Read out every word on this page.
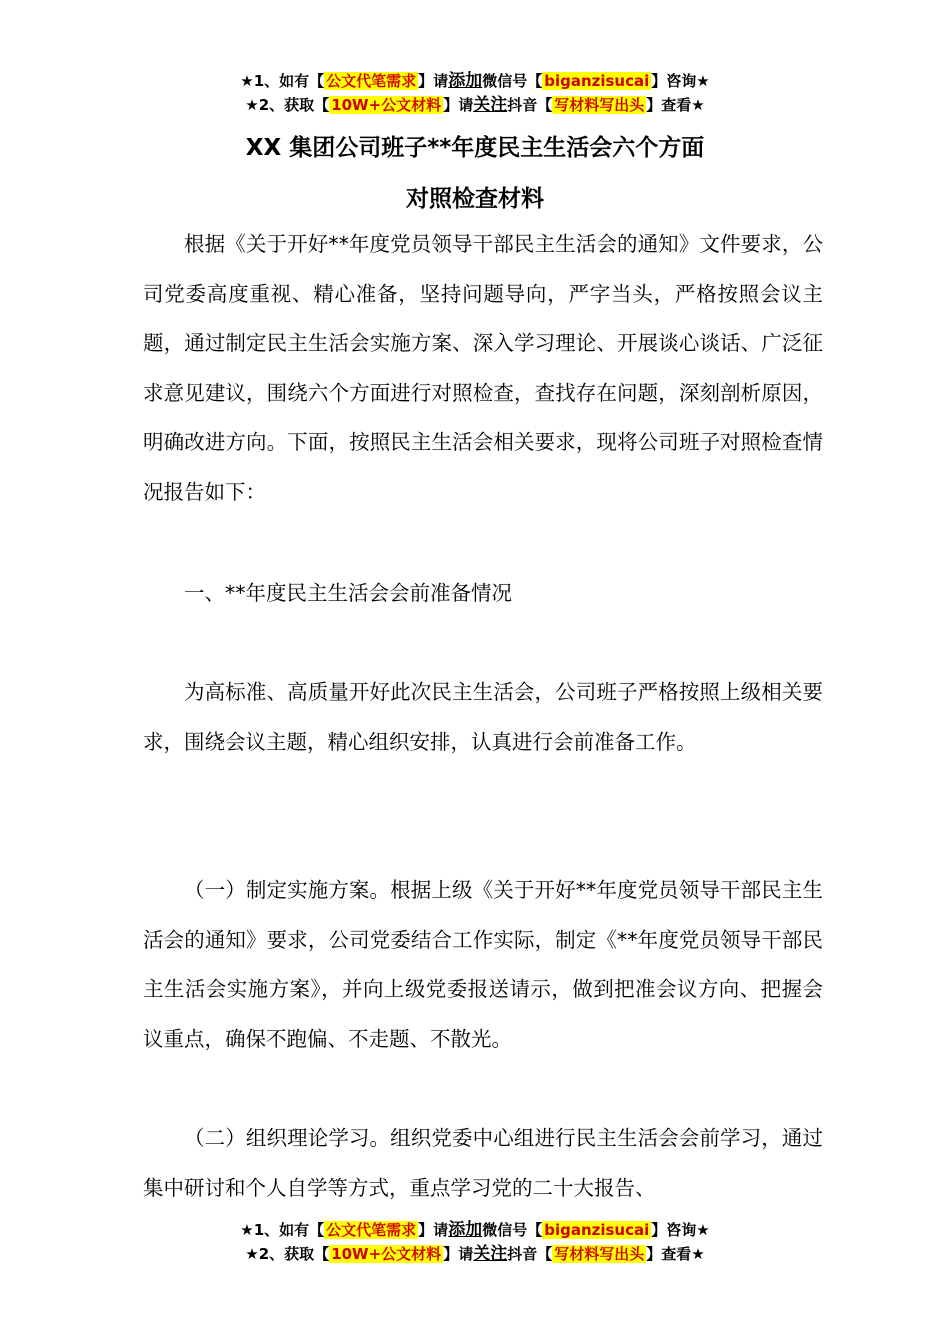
★1、如有【 公文代笔需求 】请添加微信号【 biganzisucai 】咨询★
★2、获取【 10W+公文材料 】请关注抖音【 写材料写出头 】查看★
XX 集团公司班子**年度民主生活会六个方面
对照检查材料

根据《关于开好**年度党员领导干部民主生活会的通知》文件要求，公司党委高度重视、精心准备，坚持问题导向，严字当头，严格按照会议主题，通过制定民主生活会实施方案、深入学习理论、开展谈心谈话、广泛征求意见建议，围绕六个方面进行对照检查，查找存在问题，深刻剖析原因，明确改进方向。下面，按照民主生活会相关要求，现将公司班子对照检查情况报告如下：

一、**年度民主生活会会前准备情况

为高标准、高质量开好此次民主生活会，公司班子严格按照上级相关要求，围绕会议主题，精心组织安排，认真进行会前准备工作。

（一）制定实施方案。根据上级《关于开好**年度党员领导干部民主生活会的通知》要求，公司党委结合工作实际，制定《**年度党员领导干部民主生活会实施方案》，并向上级党委报送请示，做到把准会议方向、把握会议重点，确保不跑偏、不走题、不散光。

（二）组织理论学习。组织党委中心组进行民主生活会会前学习，通过集中研讨和个人自学等方式，重点学习党的二十大报告、

★1、如有【 公文代笔需求 】请添加微信号【 biganzisucai 】咨询★
★2、获取【 10W+公文材料 】请关注抖音【 写材料写出头 】查看★
